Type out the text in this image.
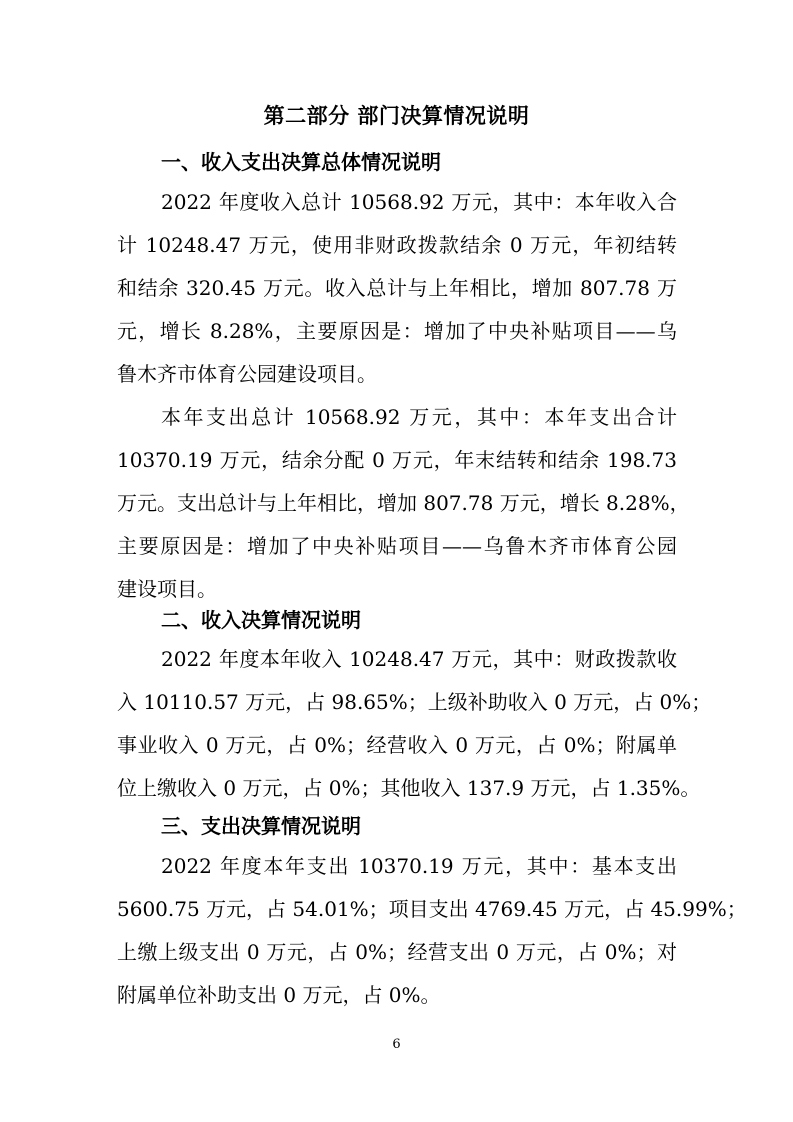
第二部分 部门决算情况说明
一、收入支出决算总体情况说明
2022 年度收入总计 10568.92 万元，其中：本年收入合
计 10248.47 万元，使用非财政拨款结余 0 万元，年初结转
和结余 320.45 万元。收入总计与上年相比，增加 807.78 万
元，增长 8.28%，主要原因是：增加了中央补贴项目——乌
鲁木齐市体育公园建设项目。
本年支出总计 10568.92 万元，其中：本年支出合计
10370.19 万元，结余分配 0 万元，年末结转和结余 198.73
万元。支出总计与上年相比，增加 807.78 万元，增长 8.28%，
主要原因是：增加了中央补贴项目——乌鲁木齐市体育公园
建设项目。
二、收入决算情况说明
2022 年度本年收入 10248.47 万元，其中：财政拨款收
入 10110.57 万元，占 98.65%；上级补助收入 0 万元，占 0%；
事业收入 0 万元，占 0%；经营收入 0 万元，占 0%；附属单
位上缴收入 0 万元，占 0%；其他收入 137.9 万元，占 1.35%。
三、支出决算情况说明
2022 年度本年支出 10370.19 万元，其中：基本支出
5600.75 万元，占 54.01%；项目支出 4769.45 万元，占 45.99%；
上缴上级支出 0 万元，占 0%；经营支出 0 万元，占 0%；对
附属单位补助支出 0 万元，占 0%。
6
